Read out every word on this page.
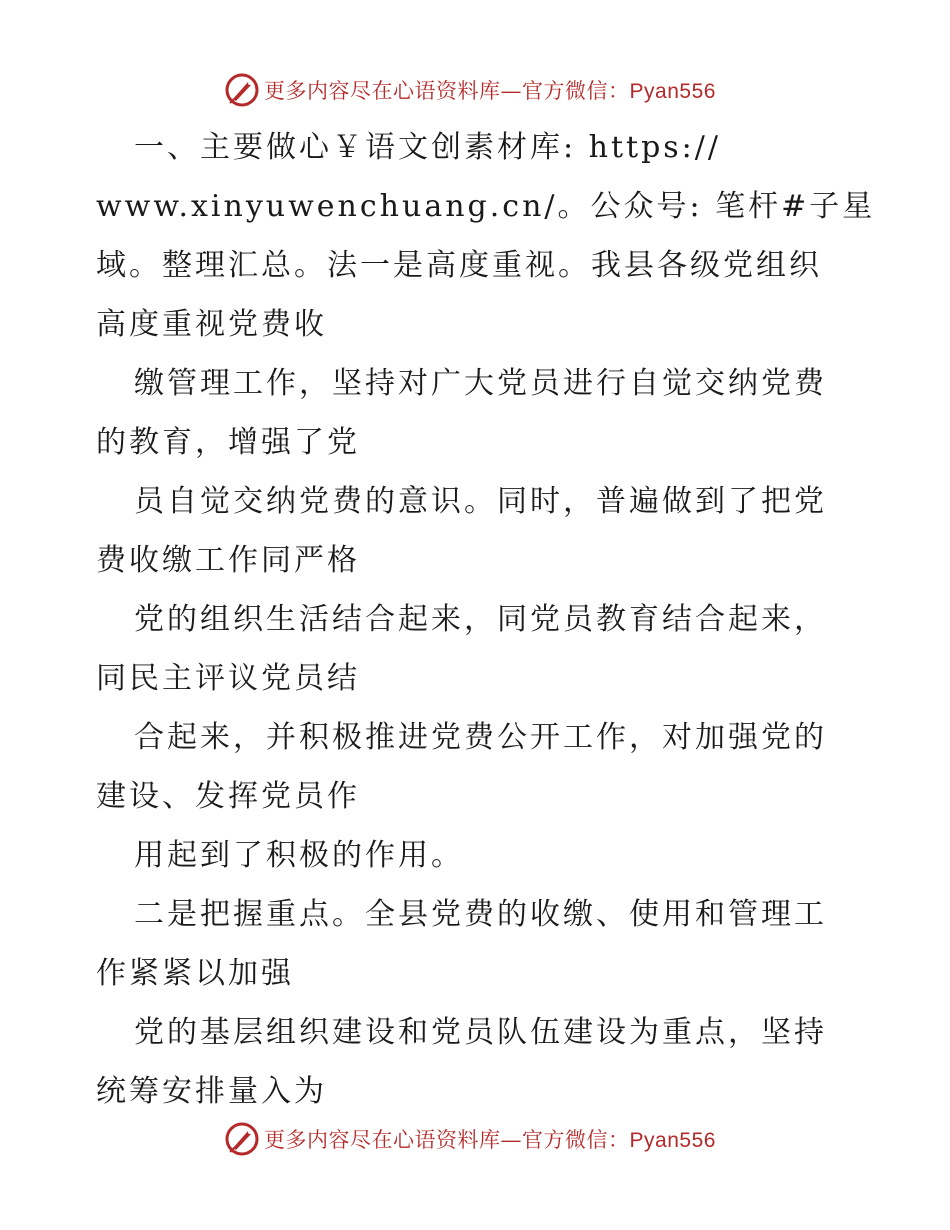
更多内容尽在心语资料库—官方微信：Pyan556
一、主要做心￥语文创素材库: https://
www.xinyuwenchuang.cn/。公众号: 笔杆#子星
域。整理汇总。法一是高度重视。我县各级党组织
高度重视党费收
缴管理工作，坚持对广大党员进行自觉交纳党费
的教育，增强了党
员自觉交纳党费的意识。同时，普遍做到了把党
费收缴工作同严格
党的组织生活结合起来，同党员教育结合起来，
同民主评议党员结
合起来，并积极推进党费公开工作，对加强党的
建设、发挥党员作
用起到了积极的作用。
二是把握重点。全县党费的收缴、使用和管理工
作紧紧以加强
党的基层组织建设和党员队伍建设为重点，坚持
统筹安排量入为
更多内容尽在心语资料库—官方微信：Pyan556
